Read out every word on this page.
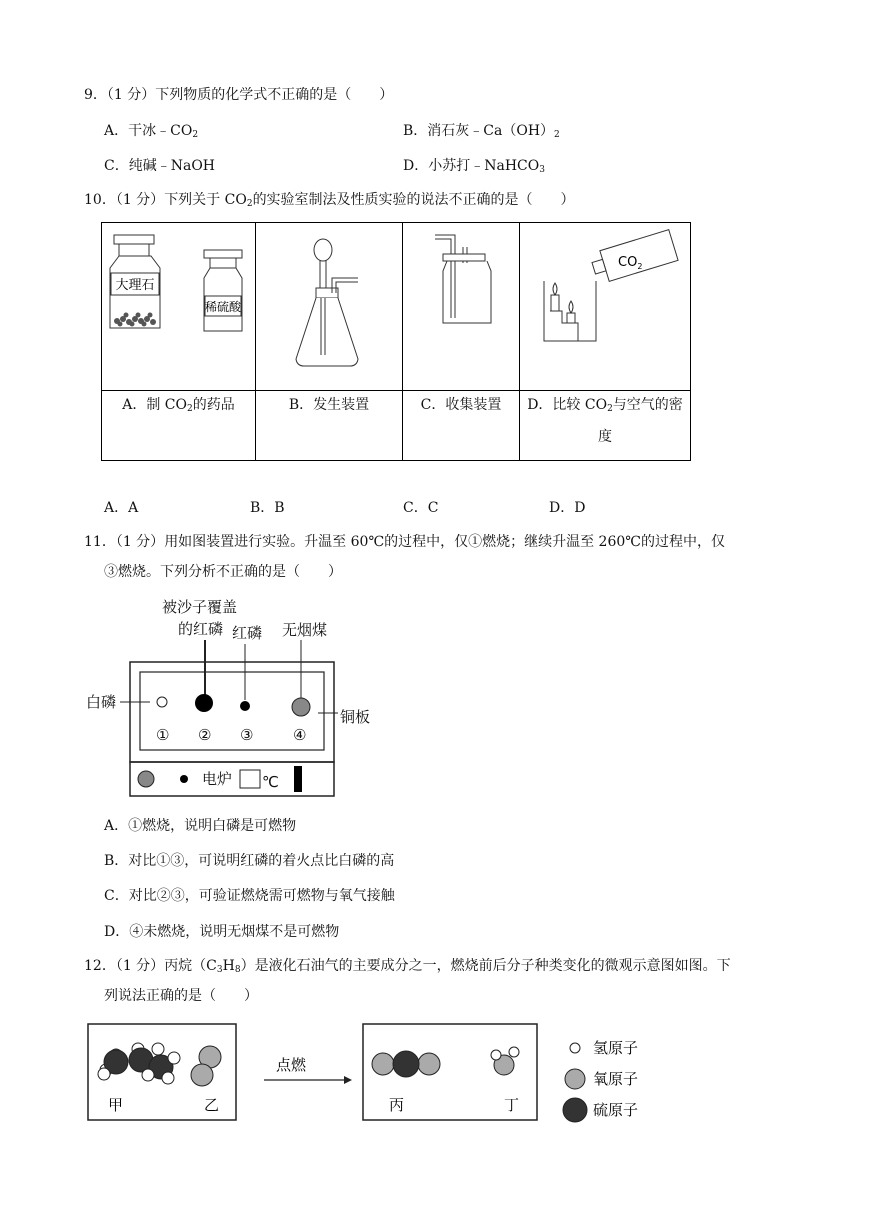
9．（1 分）下列物质的化学式不正确的是（　　）
A．干冰$﹣CO_2$	B．消石灰$﹣Ca(OH)_2$
C．纯碱﹣NaOH	D．小苏打﹣NaHCO$_3$
10．（1 分）下列关于 $CO_2$的实验室制法及性质实验的说法不正确的是（　　）
大理石
稀硫酸			$CO_2$

A．制 $CO_2$的药品	B．发生装置	C．收集装置	D．比较 $CO_2$与空气的密
度
A．A	B．B	C．C	D．D
11．（1 分）用如图装置进行实验。升温至 60℃的过程中，仅①燃烧；继续升温至 260℃的过程中，仅
③燃烧。下列分析不正确的是（　　）
被沙子覆盖
的红磷 红磷 无烟煤
白磷
铜板
电炉 ℃
① ② ③	④
A．①燃烧，说明白磷是可燃物
B．对比①③，可说明红磷的着火点比白磷的高
C．对比②③，可验证燃烧需可燃物与氧气接触
D．④未燃烧，说明无烟煤不是可燃物
12．（1 分）丙烷$(C_3H_8)$是液化石油气的主要成分之一，燃烧前后分子种类变化的微观示意图如图。下
列说法正确的是（　　）
甲	乙
点燃
丙	丁
氢原子
氧原子
硫原子
